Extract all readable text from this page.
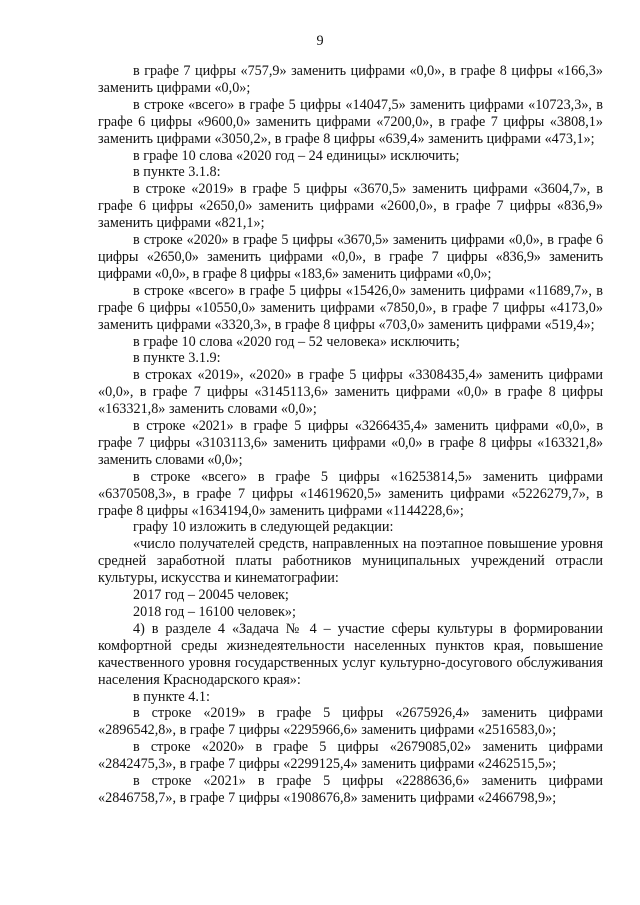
9

в графе 7 цифры «757,9» заменить цифрами «0,0», в графе 8 цифры «166,3» заменить цифрами «0,0»;

в строке «всего» в графе 5 цифры «14047,5» заменить цифрами «10723,3», в графе 6 цифры «9600,0» заменить цифрами «7200,0», в графе 7 цифры «3808,1» заменить цифрами «3050,2», в графе 8 цифры «639,4» заменить цифрами «473,1»;

в графе 10 слова «2020 год – 24 единицы» исключить;

в пункте 3.1.8:

в строке «2019» в графе 5 цифры «3670,5» заменить цифрами «3604,7», в графе 6 цифры «2650,0» заменить цифрами «2600,0», в графе 7 цифры «836,9» заменить цифрами «821,1»;

в строке «2020» в графе 5 цифры «3670,5» заменить цифрами «0,0», в графе 6 цифры «2650,0» заменить цифрами «0,0», в графе 7 цифры «836,9» заменить цифрами «0,0», в графе 8 цифры «183,6» заменить цифрами «0,0»;

в строке «всего» в графе 5 цифры «15426,0» заменить цифрами «11689,7», в графе 6 цифры «10550,0» заменить цифрами «7850,0», в графе 7 цифры «4173,0» заменить цифрами «3320,3», в графе 8 цифры «703,0» заменить цифрами «519,4»;

в графе 10 слова «2020 год – 52 человека» исключить;

в пункте 3.1.9:

в строках «2019», «2020» в графе 5 цифры «3308435,4» заменить цифрами «0,0», в графе 7 цифры «3145113,6» заменить цифрами «0,0» в графе 8 цифры «163321,8» заменить словами «0,0»;

в строке «2021» в графе 5 цифры «3266435,4» заменить цифрами «0,0», в графе 7 цифры «3103113,6» заменить цифрами «0,0» в графе 8 цифры «163321,8» заменить словами «0,0»;

в строке «всего» в графе 5 цифры «16253814,5» заменить цифрами «6370508,3», в графе 7 цифры «14619620,5» заменить цифрами «5226279,7», в графе 8 цифры «1634194,0» заменить цифрами «1144228,6»;

графу 10 изложить в следующей редакции:

«число получателей средств, направленных на поэтапное повышение уровня средней заработной платы работников муниципальных учреждений отрасли культуры, искусства и кинематографии:

2017 год – 20045 человек;

2018 год – 16100 человек»;

4) в разделе 4 «Задача № 4 – участие сферы культуры в формировании комфортной среды жизнедеятельности населенных пунктов края, повышение качественного уровня государственных услуг культурно-досугового обслуживания населения Краснодарского края»:

в пункте 4.1:

в строке «2019» в графе 5 цифры «2675926,4» заменить цифрами «2896542,8», в графе 7 цифры «2295966,6» заменить цифрами «2516583,0»;

в строке «2020» в графе 5 цифры «2679085,02» заменить цифрами «2842475,3», в графе 7 цифры «2299125,4» заменить цифрами «2462515,5»;

в строке «2021» в графе 5 цифры «2288636,6» заменить цифрами «2846758,7», в графе 7 цифры «1908676,8» заменить цифрами «2466798,9»;
